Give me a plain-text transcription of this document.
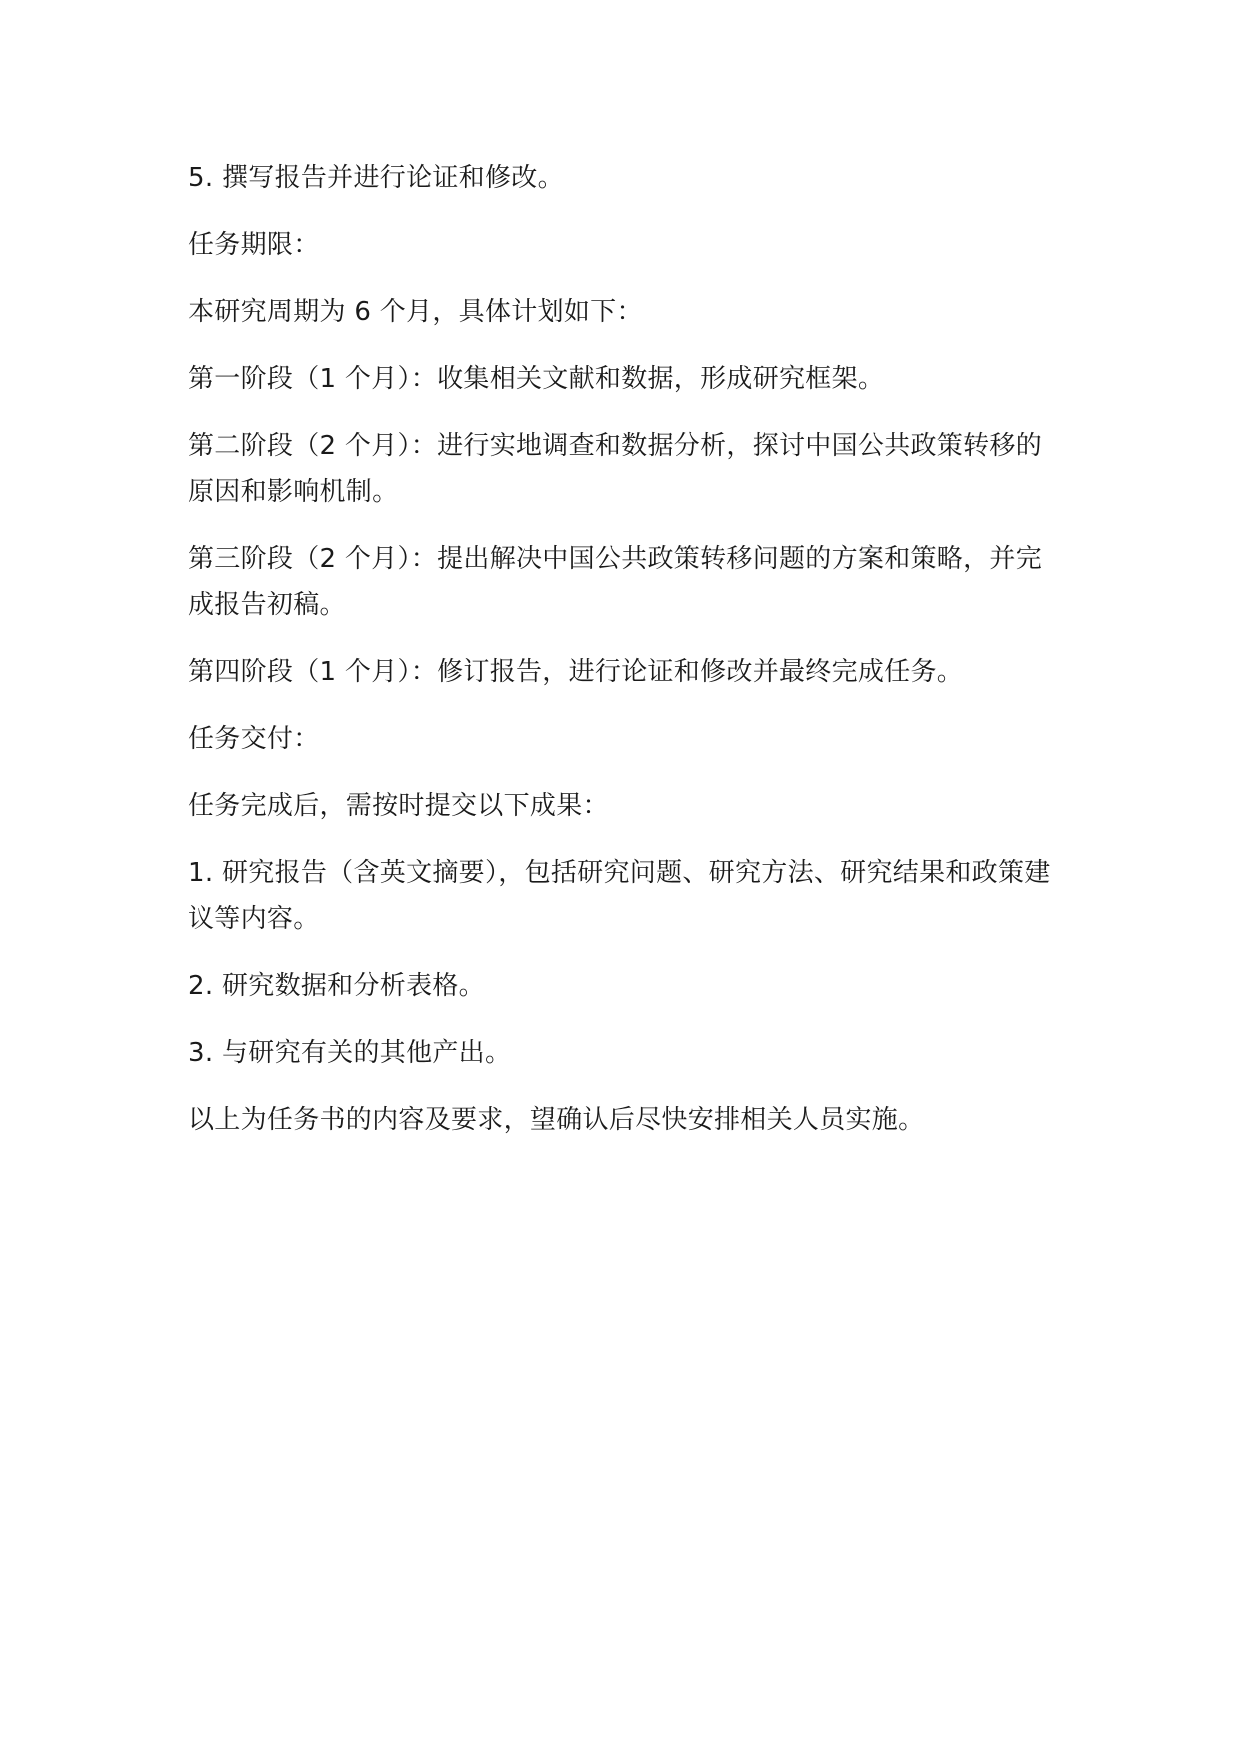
5. 撰写报告并进行论证和修改。

任务期限：

本研究周期为 6 个月，具体计划如下：

第一阶段（1 个月）：收集相关文献和数据，形成研究框架。

第二阶段（2 个月）：进行实地调查和数据分析，探讨中国公共政策转移的原因和影响机制。

第三阶段（2 个月）：提出解决中国公共政策转移问题的方案和策略，并完成报告初稿。

第四阶段（1 个月）：修订报告，进行论证和修改并最终完成任务。

任务交付：

任务完成后，需按时提交以下成果：

1. 研究报告（含英文摘要），包括研究问题、研究方法、研究结果和政策建议等内容。

2. 研究数据和分析表格。

3. 与研究有关的其他产出。

以上为任务书的内容及要求，望确认后尽快安排相关人员实施。
